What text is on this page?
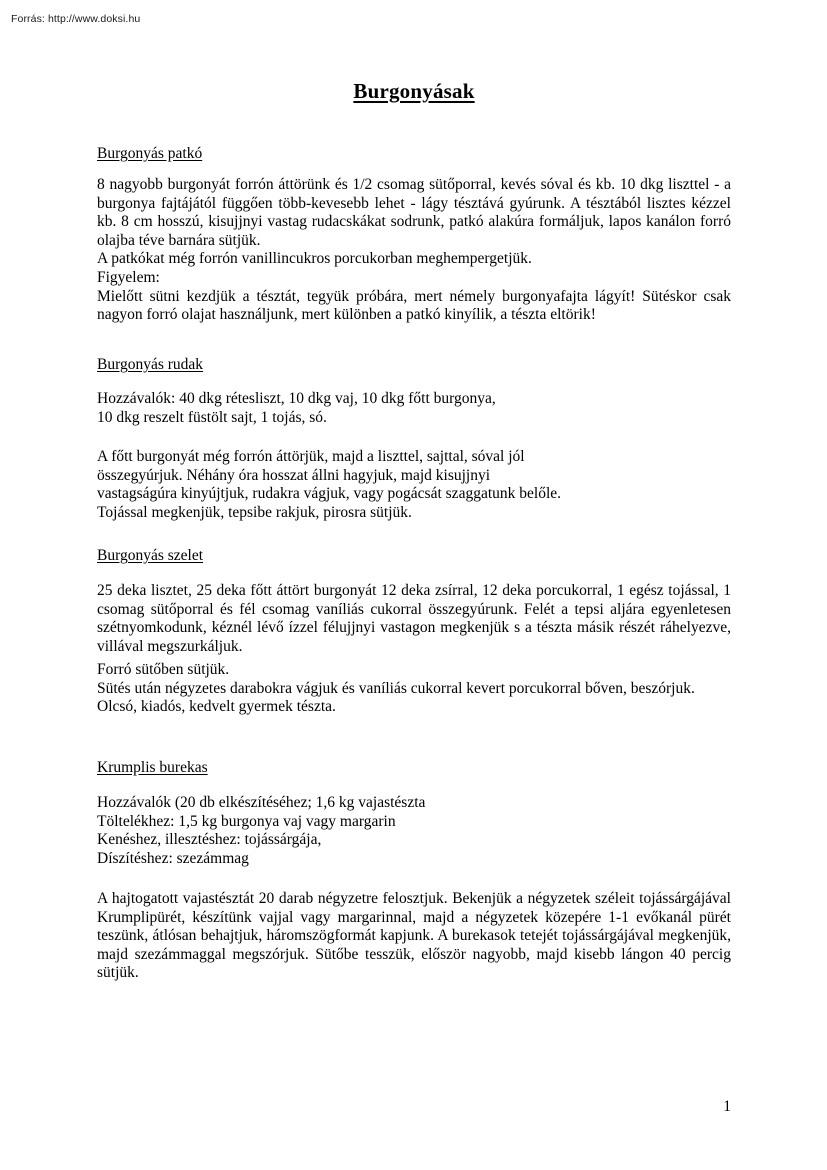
Forrás: http://www.doksi.hu
Burgonyásak
Burgonyás patkó

8 nagyobb burgonyát forrón áttörünk és 1/2 csomag sütőporral, kevés sóval és kb. 10 dkg liszttel - a burgonya fajtájától függően több-kevesebb lehet - lágy tésztává gyúrunk. A tésztából lisztes kézzel kb. 8 cm hosszú, kisujjnyi vastag rudacskákat sodrunk, patkó alakúra formáljuk, lapos kanálon forró olajba téve barnára sütjük.

A patkókat még forrón vanillincukros porcukorban meghempergetjük.

Figyelem:

Mielőtt sütni kezdjük a tésztát, tegyük próbára, mert némely burgonyafajta lágyít! Sütéskor csak nagyon forró olajat használjunk, mert különben a patkó kinyílik, a tészta eltörik!

Burgonyás rudak

Hozzávalók: 40 dkg rétesliszt, 10 dkg vaj, 10 dkg főtt burgonya,

10 dkg reszelt füstölt sajt, 1 tojás, só.

A főtt burgonyát még forrón áttörjük, majd a liszttel, sajttal, sóval jól

összegyúrjuk. Néhány óra hosszat állni hagyjuk, majd kisujjnyi

vastagságúra kinyújtjuk, rudakra vágjuk, vagy pogácsát szaggatunk belőle.

Tojással megkenjük, tepsibe rakjuk, pirosra sütjük.

Burgonyás szelet

25 deka lisztet, 25 deka főtt áttört burgonyát 12 deka zsírral, 12 deka porcukorral, 1 egész tojással, 1 csomag sütőporral és fél csomag vaníliás cukorral összegyúrunk. Felét a tepsi aljára egyenletesen szétnyomkodunk, kéznél lévő ízzel félujjnyi vastagon megkenjük s a tészta másik részét ráhelyezve, villával megszurkáljuk.

Forró sütőben sütjük.

Sütés után négyzetes darabokra vágjuk és vaníliás cukorral kevert porcukorral bőven, beszórjuk.

Olcsó, kiadós, kedvelt gyermek tészta.

Krumplis burekas

Hozzávalók (20 db elkészítéséhez; 1,6 kg vajastészta

Töltelékhez: 1,5 kg burgonya vaj vagy margarin

Kenéshez, illesztéshez: tojássárgája,

Díszítéshez: szezámmag

A hajtogatott vajastésztát 20 darab négyzetre felosztjuk. Bekenjük a négyzetek széleit tojássárgájával Krumplipürét, készítünk vajjal vagy margarinnal, majd a négyzetek közepére 1-1 evőkanál pürét teszünk, átlósan behajtjuk, háromszögformát kapjunk. A burekasok tetejét tojássárgájával megkenjük, majd szezámmaggal megszórjuk. Sütőbe tesszük, először nagyobb, majd kisebb lángon 40 percig sütjük.

1
